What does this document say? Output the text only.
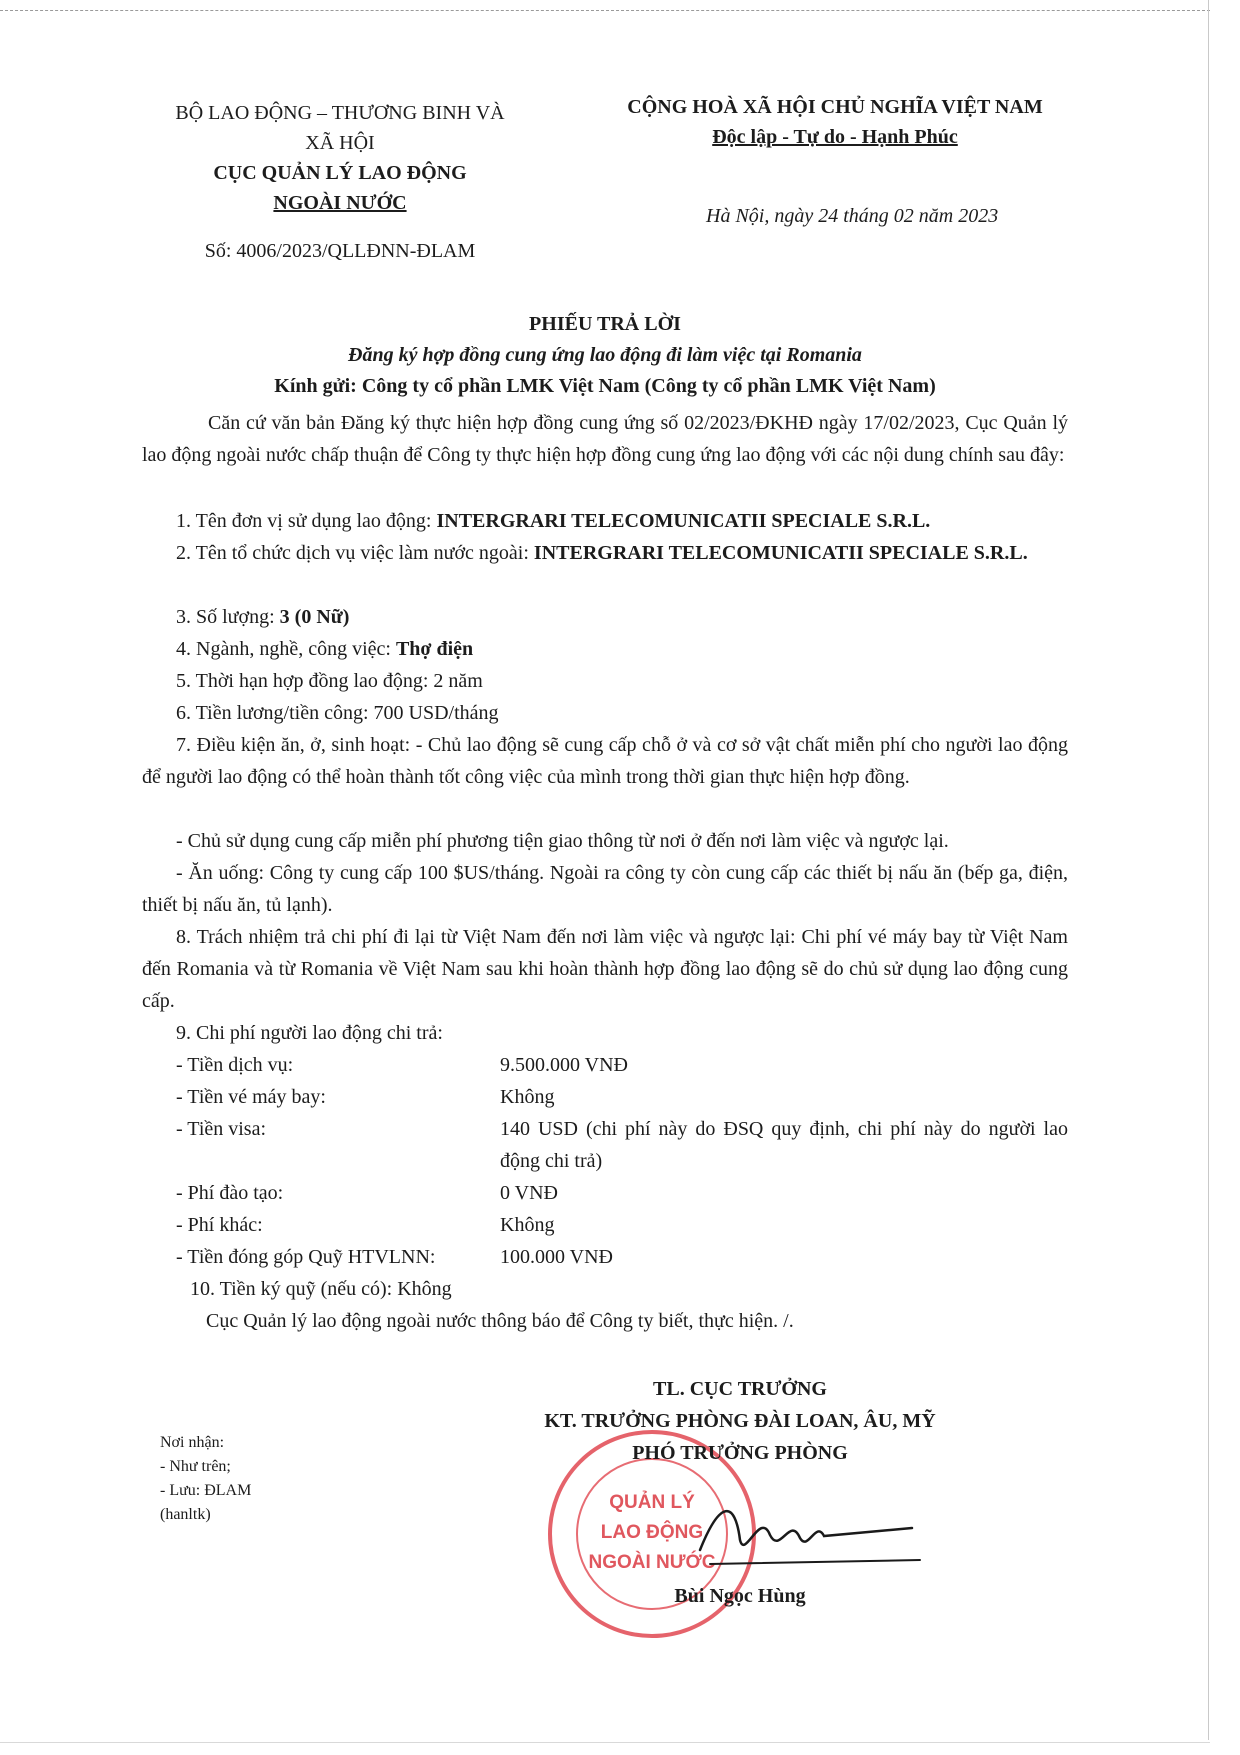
BỘ LAO ĐỘNG – THƯƠNG BINH VÀ
XÃ HỘI
CỤC QUẢN LÝ LAO ĐỘNG
NGOÀI NƯỚC
Số: 4006/2023/QLLĐNN-ĐLAM
CỘNG HOÀ XÃ HỘI CHỦ NGHĨA VIỆT NAM
Độc lập - Tự do - Hạnh Phúc
Hà Nội, ngày 24 tháng 02 năm 2023
PHIẾU TRẢ LỜI
Đăng ký hợp đồng cung ứng lao động đi làm việc tại Romania
Kính gửi: Công ty cổ phần LMK Việt Nam (Công ty cổ phần LMK Việt Nam)
Căn cứ văn bản Đăng ký thực hiện hợp đồng cung ứng số 02/2023/ĐKHĐ ngày 17/02/2023, Cục Quản lý lao động ngoài nước chấp thuận để Công ty thực hiện hợp đồng cung ứng lao động với các nội dung chính sau đây:
1. Tên đơn vị sử dụng lao động: INTERGRARI TELECOMUNICATII SPECIALE S.R.L.
2. Tên tổ chức dịch vụ việc làm nước ngoài: INTERGRARI TELECOMUNICATII SPECIALE S.R.L.
3. Số lượng: 3 (0 Nữ)
4. Ngành, nghề, công việc: Thợ điện
5. Thời hạn hợp đồng lao động: 2 năm
6. Tiền lương/tiền công: 700 USD/tháng
7. Điều kiện ăn, ở, sinh hoạt: - Chủ lao động sẽ cung cấp chỗ ở và cơ sở vật chất miễn phí cho người lao động để người lao động có thể hoàn thành tốt công việc của mình trong thời gian thực hiện hợp đồng.
- Chủ sử dụng cung cấp miễn phí phương tiện giao thông từ nơi ở đến nơi làm việc và ngược lại.
- Ăn uống: Công ty cung cấp 100 $US/tháng. Ngoài ra công ty còn cung cấp các thiết bị nấu ăn (bếp ga, điện, thiết bị nấu ăn, tủ lạnh).
8. Trách nhiệm trả chi phí đi lại từ Việt Nam đến nơi làm việc và ngược lại: Chi phí vé máy bay từ Việt Nam đến Romania và từ Romania về Việt Nam sau khi hoàn thành hợp đồng lao động sẽ do chủ sử dụng lao động cung cấp.
9. Chi phí người lao động chi trả:
- Tiền dịch vụ:	9.500.000 VNĐ
- Tiền vé máy bay:	Không
- Tiền visa:	140 USD (chi phí này do ĐSQ quy định, chi phí này do người lao động chi trả)
- Phí đào tạo:	0 VNĐ
- Phí khác:	Không
- Tiền đóng góp Quỹ HTVLNN:	100.000 VNĐ
10. Tiền ký quỹ (nếu có): Không
Cục Quản lý lao động ngoài nước thông báo để Công ty biết, thực hiện. /.
Nơi nhận:
- Như trên;
- Lưu: ĐLAM
(hanltk)
QUẢN LÝ
LAO ĐỘNG
NGOÀI NƯỚC
TL. CỤC TRƯỞNG
KT. TRƯỞNG PHÒNG ĐÀI LOAN, ÂU, MỸ
PHÓ TRƯỞNG PHÒNG
Bùi Ngọc Hùng
